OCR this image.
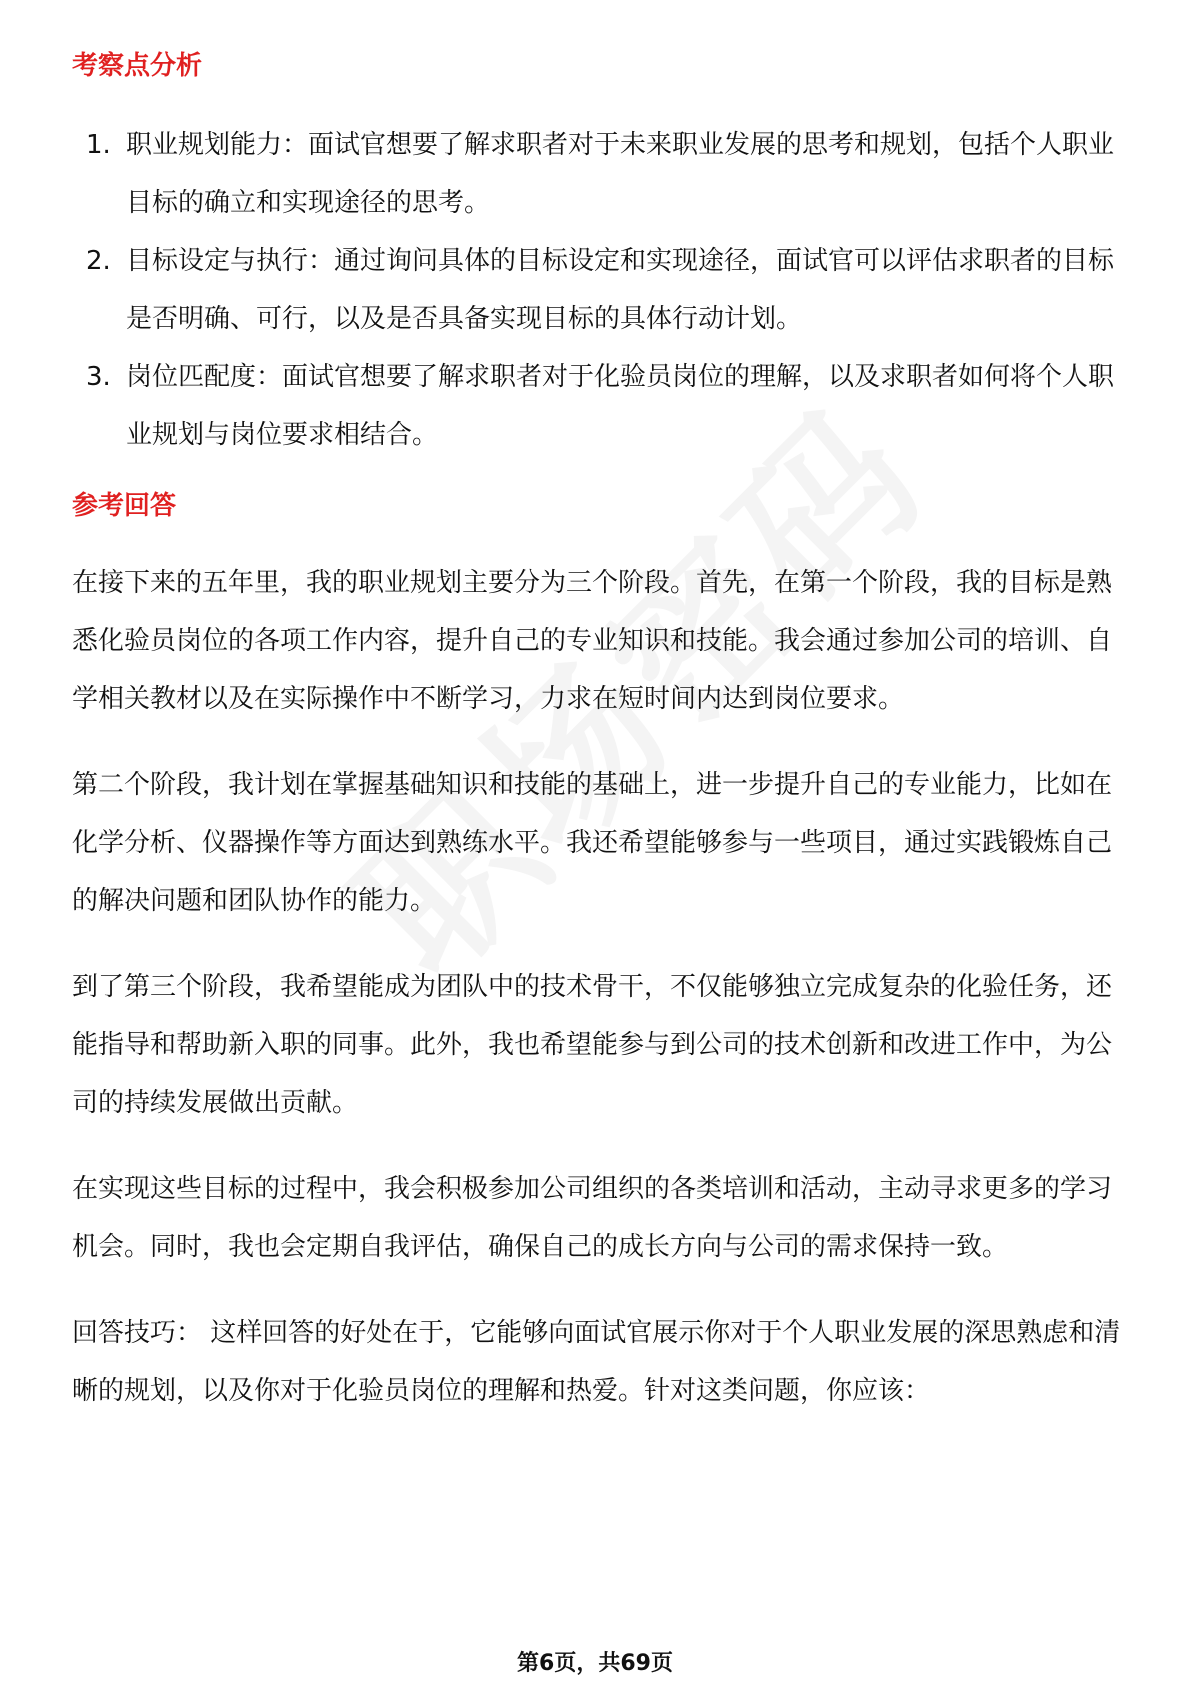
考察点分析
1. 职业规划能力：面试官想要了解求职者对于未来职业发展的思考和规划，包括个人职业目标的确立和实现途径的思考。
2. 目标设定与执行：通过询问具体的目标设定和实现途径，面试官可以评估求职者的目标是否明确、可行，以及是否具备实现目标的具体行动计划。
3. 岗位匹配度：面试官想要了解求职者对于化验员岗位的理解，以及求职者如何将个人职业规划与岗位要求相结合。
参考回答

在接下来的五年里，我的职业规划主要分为三个阶段。首先，在第一个阶段，我的目标是熟悉化验员岗位的各项工作内容，提升自己的专业知识和技能。我会通过参加公司的培训、自学相关教材以及在实际操作中不断学习，力求在短时间内达到岗位要求。

第二个阶段，我计划在掌握基础知识和技能的基础上，进一步提升自己的专业能力，比如在化学分析、仪器操作等方面达到熟练水平。我还希望能够参与一些项目，通过实践锻炼自己的解决问题和团队协作的能力。

到了第三个阶段，我希望能成为团队中的技术骨干，不仅能够独立完成复杂的化验任务，还能指导和帮助新入职的同事。此外，我也希望能参与到公司的技术创新和改进工作中，为公司的持续发展做出贡献。

在实现这些目标的过程中，我会积极参加公司组织的各类培训和活动，主动寻求更多的学习机会。同时，我也会定期自我评估，确保自己的成长方向与公司的需求保持一致。

回答技巧： 这样回答的好处在于，它能够向面试官展示你对于个人职业发展的深思熟虑和清晰的规划，以及你对于化验员岗位的理解和热爱。针对这类问题，你应该：

第6页，共69页
